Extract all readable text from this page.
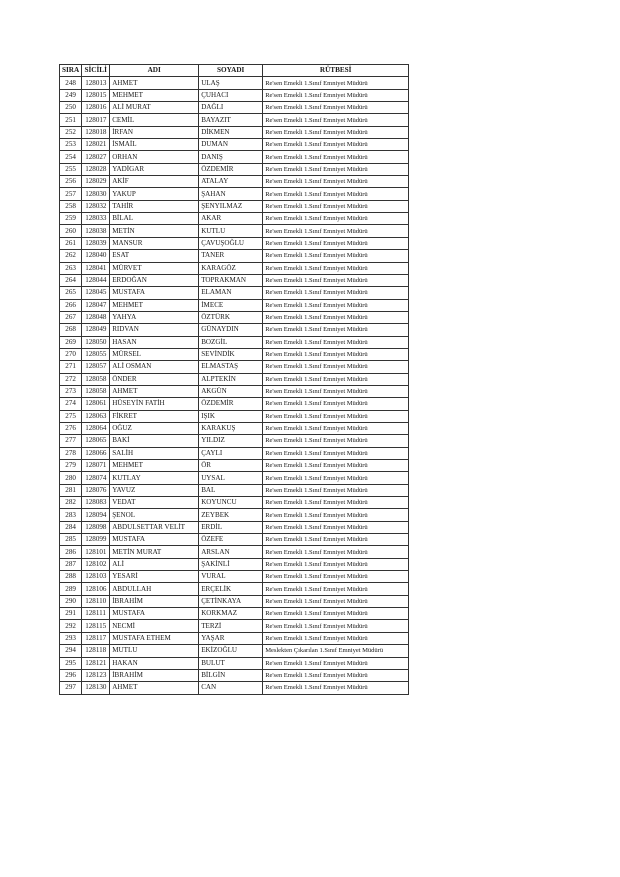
SIRA	SİCİLİ	ADI	SOYADI	RÜTBESİ
248	128013	AHMET	ULAŞ	Re'sen Emekli 1.Sınıf Emniyet Müdürü
249	128015	MEHMET	ÇUHACI	Re'sen Emekli 1.Sınıf Emniyet Müdürü
250	128016	ALİ MURAT	DAĞLI	Re'sen Emekli 1.Sınıf Emniyet Müdürü
251	128017	CEMİL	BAYAZIT	Re'sen Emekli 1.Sınıf Emniyet Müdürü
252	128018	İRFAN	DİKMEN	Re'sen Emekli 1.Sınıf Emniyet Müdürü
253	128021	İSMAİL	DUMAN	Re'sen Emekli 1.Sınıf Emniyet Müdürü
254	128027	ORHAN	DANIŞ	Re'sen Emekli 1.Sınıf Emniyet Müdürü
255	128028	YADİGAR	ÖZDEMİR	Re'sen Emekli 1.Sınıf Emniyet Müdürü
256	128029	AKİF	ATALAY	Re'sen Emekli 1.Sınıf Emniyet Müdürü
257	128030	YAKUP	ŞAHAN	Re'sen Emekli 1.Sınıf Emniyet Müdürü
258	128032	TAHİR	ŞENYILMAZ	Re'sen Emekli 1.Sınıf Emniyet Müdürü
259	128033	BİLAL	AKAR	Re'sen Emekli 1.Sınıf Emniyet Müdürü
260	128038	METİN	KUTLU	Re'sen Emekli 1.Sınıf Emniyet Müdürü
261	128039	MANSUR	ÇAVUŞOĞLU	Re'sen Emekli 1.Sınıf Emniyet Müdürü
262	128040	ESAT	TANER	Re'sen Emekli 1.Sınıf Emniyet Müdürü
263	128041	MÜRVET	KARAGÖZ	Re'sen Emekli 1.Sınıf Emniyet Müdürü
264	128044	ERDOĞAN	TOPRAKMAN	Re'sen Emekli 1.Sınıf Emniyet Müdürü
265	128045	MUSTAFA	ELAMAN	Re'sen Emekli 1.Sınıf Emniyet Müdürü
266	128047	MEHMET	İMECE	Re'sen Emekli 1.Sınıf Emniyet Müdürü
267	128048	YAHYA	ÖZTÜRK	Re'sen Emekli 1.Sınıf Emniyet Müdürü
268	128049	RIDVAN	GÜNAYDIN	Re'sen Emekli 1.Sınıf Emniyet Müdürü
269	128050	HASAN	BOZGİL	Re'sen Emekli 1.Sınıf Emniyet Müdürü
270	128055	MÜRSEL	SEVİNDİK	Re'sen Emekli 1.Sınıf Emniyet Müdürü
271	128057	ALİ OSMAN	ELMASTAŞ	Re'sen Emekli 1.Sınıf Emniyet Müdürü
272	128058	ÖNDER	ALPTEKİN	Re'sen Emekli 1.Sınıf Emniyet Müdürü
273	128058	AHMET	AKGÜN	Re'sen Emekli 1.Sınıf Emniyet Müdürü
274	128061	HÜSEYİN FATİH	ÖZDEMİR	Re'sen Emekli 1.Sınıf Emniyet Müdürü
275	128063	FİKRET	IŞIK	Re'sen Emekli 1.Sınıf Emniyet Müdürü
276	128064	OĞUZ	KARAKUŞ	Re'sen Emekli 1.Sınıf Emniyet Müdürü
277	128065	BAKİ	YILDIZ	Re'sen Emekli 1.Sınıf Emniyet Müdürü
278	128066	SALİH	ÇAYLI	Re'sen Emekli 1.Sınıf Emniyet Müdürü
279	128071	MEHMET	ÖR	Re'sen Emekli 1.Sınıf Emniyet Müdürü
280	128074	KUTLAY	UYSAL	Re'sen Emekli 1.Sınıf Emniyet Müdürü
281	128076	YAVUZ	BAL	Re'sen Emekli 1.Sınıf Emniyet Müdürü
282	128083	VEDAT	KOYUNCU	Re'sen Emekli 1.Sınıf Emniyet Müdürü
283	128094	ŞENOL	ZEYBEK	Re'sen Emekli 1.Sınıf Emniyet Müdürü
284	128098	ABDULSETTAR VELİT	ERDİL	Re'sen Emekli 1.Sınıf Emniyet Müdürü
285	128099	MUSTAFA	ÖZEFE	Re'sen Emekli 1.Sınıf Emniyet Müdürü
286	128101	METİN MURAT	ARSLAN	Re'sen Emekli 1.Sınıf Emniyet Müdürü
287	128102	ALİ	ŞAKİNLİ	Re'sen Emekli 1.Sınıf Emniyet Müdürü
288	128103	YESARİ	VURAL	Re'sen Emekli 1.Sınıf Emniyet Müdürü
289	128106	ABDULLAH	ERÇELİK	Re'sen Emekli 1.Sınıf Emniyet Müdürü
290	128110	İBRAHİM	ÇETİNKAYA	Re'sen Emekli 1.Sınıf Emniyet Müdürü
291	128111	MUSTAFA	KORKMAZ	Re'sen Emekli 1.Sınıf Emniyet Müdürü
292	128115	NECMİ	TERZİ	Re'sen Emekli 1.Sınıf Emniyet Müdürü
293	128117	MUSTAFA ETHEM	YAŞAR	Re'sen Emekli 1.Sınıf Emniyet Müdürü
294	128118	MUTLU	EKİZOĞLU	Meslekten Çıkarılan 1.Sınıf Emniyet Müdürü
295	128121	HAKAN	BULUT	Re'sen Emekli 1.Sınıf Emniyet Müdürü
296	128123	İBRAHİM	BİLGİN	Re'sen Emekli 1.Sınıf Emniyet Müdürü
297	128130	AHMET	CAN	Re'sen Emekli 1.Sınıf Emniyet Müdürü
